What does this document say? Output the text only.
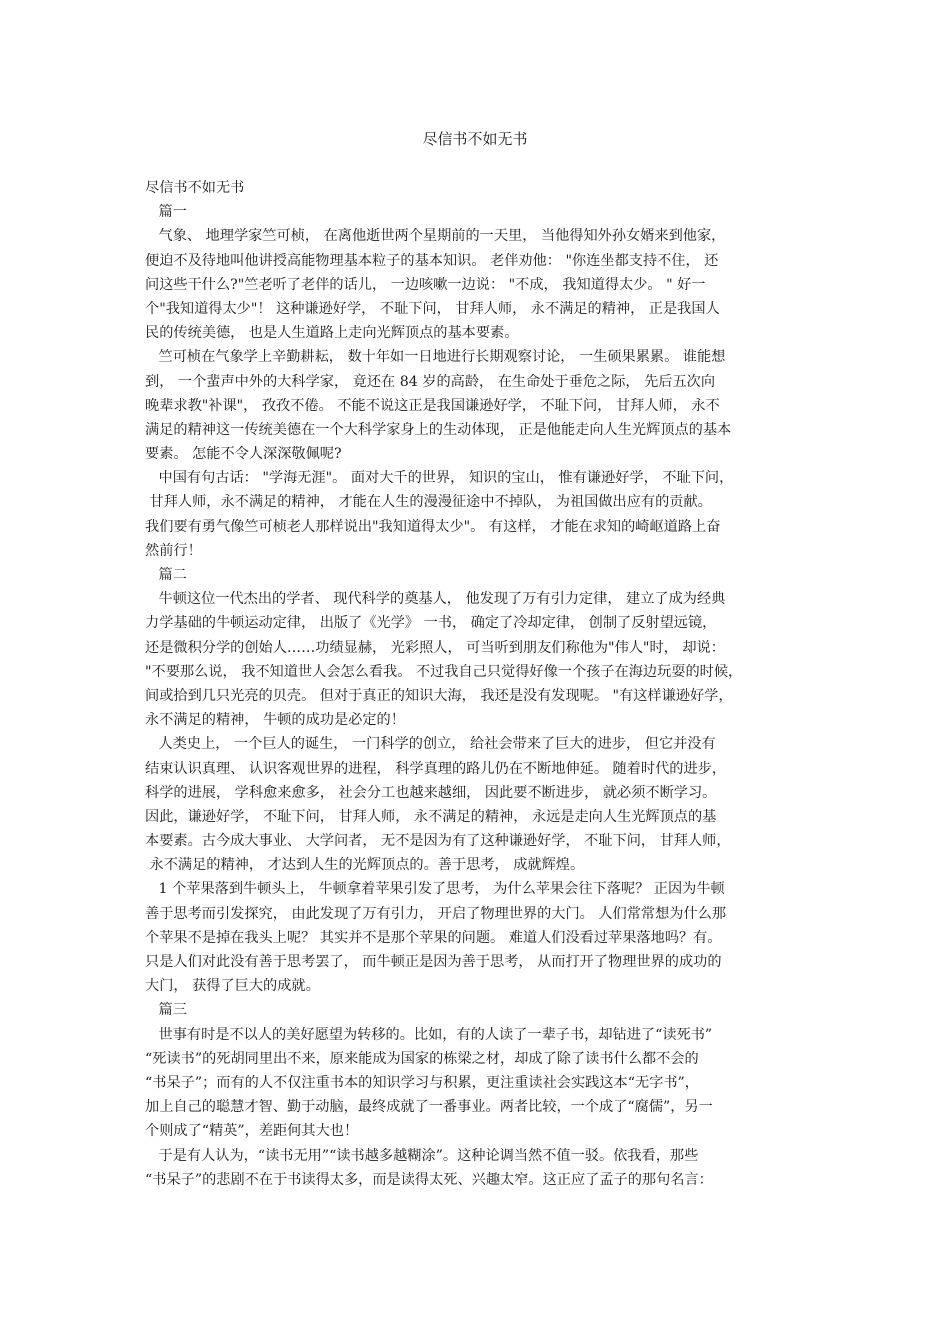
尽信书不如无书
尽信书不如无书
篇一
气象、 地理学家竺可桢， 在离他逝世两个星期前的一天里， 当他得知外孙女婿来到他家，
便迫不及待地叫他讲授高能物理基本粒子的基本知识。 老伴劝他： "你连坐都支持不住， 还
问这些干什么?"竺老听了老伴的话儿， 一边咳嗽一边说： "不成， 我知道得太少。 " 好一
个"我知道得太少"！ 这种谦逊好学， 不耻下问， 甘拜人师， 永不满足的精神， 正是我国人
民的传统美德， 也是人生道路上走向光辉顶点的基本要素。
竺可桢在气象学上辛勤耕耘， 数十年如一日地进行长期观察讨论， 一生硕果累累。 谁能想
到， 一个蜚声中外的大科学家， 竟还在 84 岁的高龄， 在生命处于垂危之际， 先后五次向
晚辈求教"补课"， 孜孜不倦。 不能不说这正是我国谦逊好学， 不耻下问， 甘拜人师， 永不
满足的精神这一传统美德在一个大科学家身上的生动体现， 正是他能走向人生光辉顶点的基本
要素。 怎能不令人深深敬佩呢?
中国有句古话： "学海无涯"。 面对大千的世界， 知识的宝山， 惟有谦逊好学， 不耻下问，
甘拜人师，永不满足的精神， 才能在人生的漫漫征途中不掉队， 为祖国做出应有的贡献。
我们要有勇气像竺可桢老人那样说出"我知道得太少"。 有这样， 才能在求知的崎岖道路上奋
然前行！
篇二
牛顿这位一代杰出的学者、 现代科学的奠基人， 他发现了万有引力定律， 建立了成为经典
力学基础的牛顿运动定律， 出版了《光学》 一书， 确定了冷却定律， 创制了反射望远镜，
还是微积分学的创始人……功绩显赫， 光彩照人， 可当听到朋友们称他为"伟人"时， 却说：
"不要那么说， 我不知道世人会怎么看我。 不过我自己只觉得好像一个孩子在海边玩耍的时候，
间或拾到几只光亮的贝壳。 但对于真正的知识大海， 我还是没有发现呢。 "有这样谦逊好学，
永不满足的精神， 牛顿的成功是必定的！
人类史上， 一个巨人的诞生， 一门科学的创立， 给社会带来了巨大的进步， 但它并没有
结束认识真理、 认识客观世界的进程， 科学真理的路儿仍在不断地伸延。 随着时代的进步，
科学的进展， 学科愈来愈多， 社会分工也越来越细， 因此要不断进步， 就必须不断学习。
因此，谦逊好学， 不耻下问， 甘拜人师， 永不满足的精神， 永远是走向人生光辉顶点的基
本要素。古今成大事业、 大学问者， 无不是因为有了这种谦逊好学， 不耻下问， 甘拜人师，
永不满足的精神， 才达到人生的光辉顶点的。善于思考， 成就辉煌。
1 个苹果落到牛顿头上， 牛顿拿着苹果引发了思考， 为什么苹果会往下落呢？ 正因为牛顿
善于思考而引发探究， 由此发现了万有引力， 开启了物理世界的大门。 人们常常想为什么那
个苹果不是掉在我头上呢？ 其实并不是那个苹果的问题。 难道人们没看过苹果落地吗？有。
只是人们对此没有善于思考罢了， 而牛顿正是因为善于思考， 从而打开了物理世界的成功的
大门， 获得了巨大的成就。
篇三
世事有时是不以人的美好愿望为转移的。比如，有的人读了一辈子书，却钻进了“读死书”
“死读书”的死胡同里出不来，原来能成为国家的栋梁之材，却成了除了读书什么都不会的
“书呆子”；而有的人不仅注重书本的知识学习与积累，更注重读社会实践这本“无字书”，
加上自己的聪慧才智、勤于动脑，最终成就了一番事业。两者比较，一个成了“腐儒”，另一
个则成了“精英”，差距何其大也！
于是有人认为，“读书无用”“读书越多越糊涂”。这种论调当然不值一驳。依我看，那些
“书呆子”的悲剧不在于书读得太多，而是读得太死、兴趣太窄。这正应了孟子的那句名言：
